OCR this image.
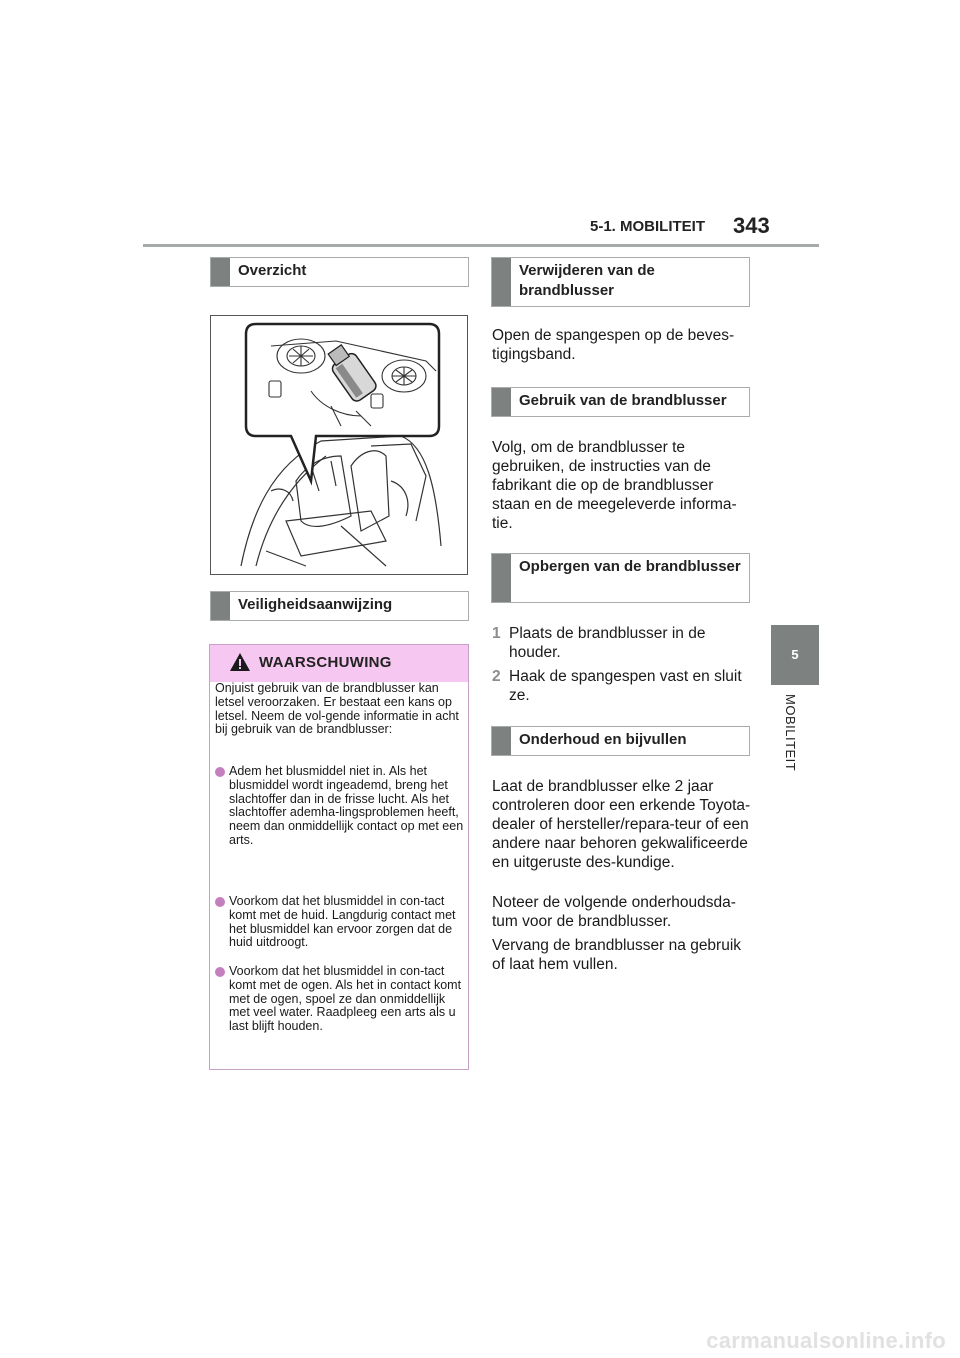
5-1. MOBILITEIT 343
5
MOBILITEIT
Overzicht
Veiligheidsaanwijzing
WAARSCHUWING
Onjuist gebruik van de brandblusser kan letsel veroorzaken. Er bestaat een kans op letsel. Neem de vol-gende informatie in acht bij gebruik van de brandblusser:
Adem het blusmiddel niet in. Als het blusmiddel wordt ingeademd, breng het slachtoffer dan in de frisse lucht. Als het slachtoffer ademha-lingsproblemen heeft, neem dan onmiddellijk contact op met een arts.
Voorkom dat het blusmiddel in con-tact komt met de huid. Langdurig contact met het blusmiddel kan ervoor zorgen dat de huid uitdroogt.
Voorkom dat het blusmiddel in con-tact komt met de ogen. Als het in contact komt met de ogen, spoel ze dan onmiddellijk met veel water. Raadpleeg een arts als u last blijft houden.
Verwijderen van de brandblusser
Open de spangespen op de beves-tigingsband.
Gebruik van de brandblusser
Volg, om de brandblusser te gebruiken, de instructies van de fabrikant die op de brandblusser staan en de meegeleverde informa-tie.
Opbergen van de brandblusser
1 Plaats de brandblusser in de houder.
2 Haak de spangespen vast en sluit ze.
Onderhoud en bijvullen
Laat de brandblusser elke 2 jaar controleren door een erkende Toyota-dealer of hersteller/repara-teur of een andere naar behoren gekwalificeerde en uitgeruste des-kundige.
Noteer de volgende onderhoudsda-tum voor de brandblusser.
Vervang de brandblusser na gebruik of laat hem vullen.
carmanualsonline.info
